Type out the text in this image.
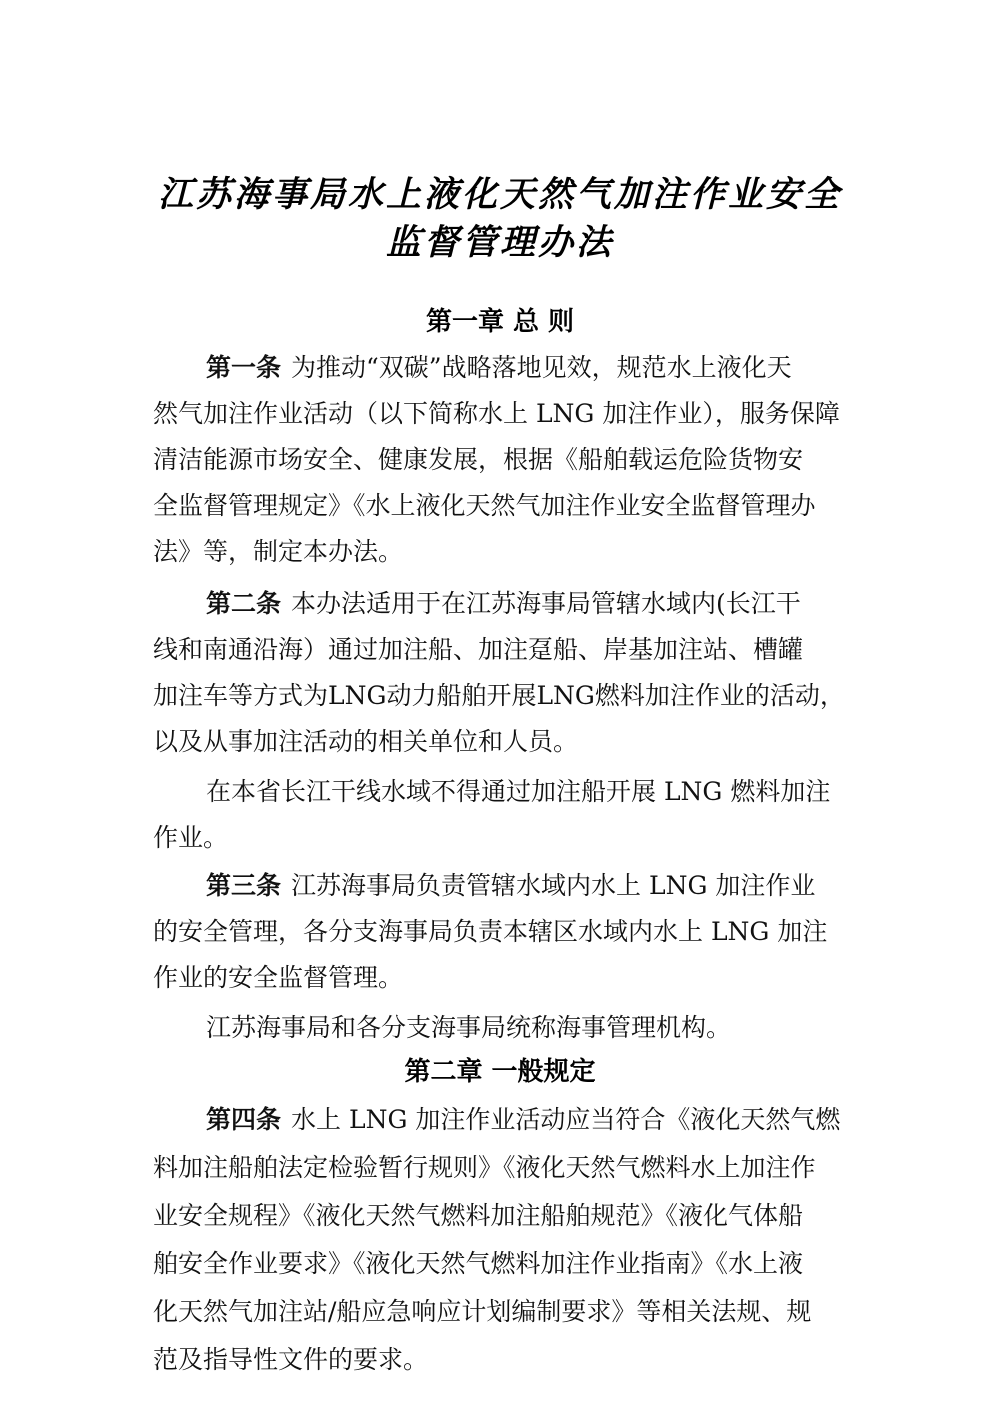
江苏海事局水上液化天然气加注作业安全
监督管理办法
第一章 总 则
第一条 为推动“双碳”战略落地见效，规范水上液化天
然气加注作业活动（以下简称水上 LNG 加注作业），服务保障
清洁能源市场安全、健康发展，根据《船舶载运危险货物安
全监督管理规定》《水上液化天然气加注作业安全监督管理办
法》等，制定本办法。
第二条 本办法适用于在江苏海事局管辖水域内(长江干
线和南通沿海）通过加注船、加注趸船、岸基加注站、槽罐
加注车等方式为LNG动力船舶开展LNG燃料加注作业的活动，
以及从事加注活动的相关单位和人员。
在本省长江干线水域不得通过加注船开展 LNG 燃料加注
作业。
第三条 江苏海事局负责管辖水域内水上 LNG 加注作业
的安全管理，各分支海事局负责本辖区水域内水上 LNG 加注
作业的安全监督管理。
江苏海事局和各分支海事局统称海事管理机构。
第二章 一般规定
第四条 水上 LNG 加注作业活动应当符合《液化天然气燃
料加注船舶法定检验暂行规则》《液化天然气燃料水上加注作
业安全规程》《液化天然气燃料加注船舶规范》《液化气体船
舶安全作业要求》《液化天然气燃料加注作业指南》《水上液
化天然气加注站/船应急响应计划编制要求》等相关法规、规
范及指导性文件的要求。
